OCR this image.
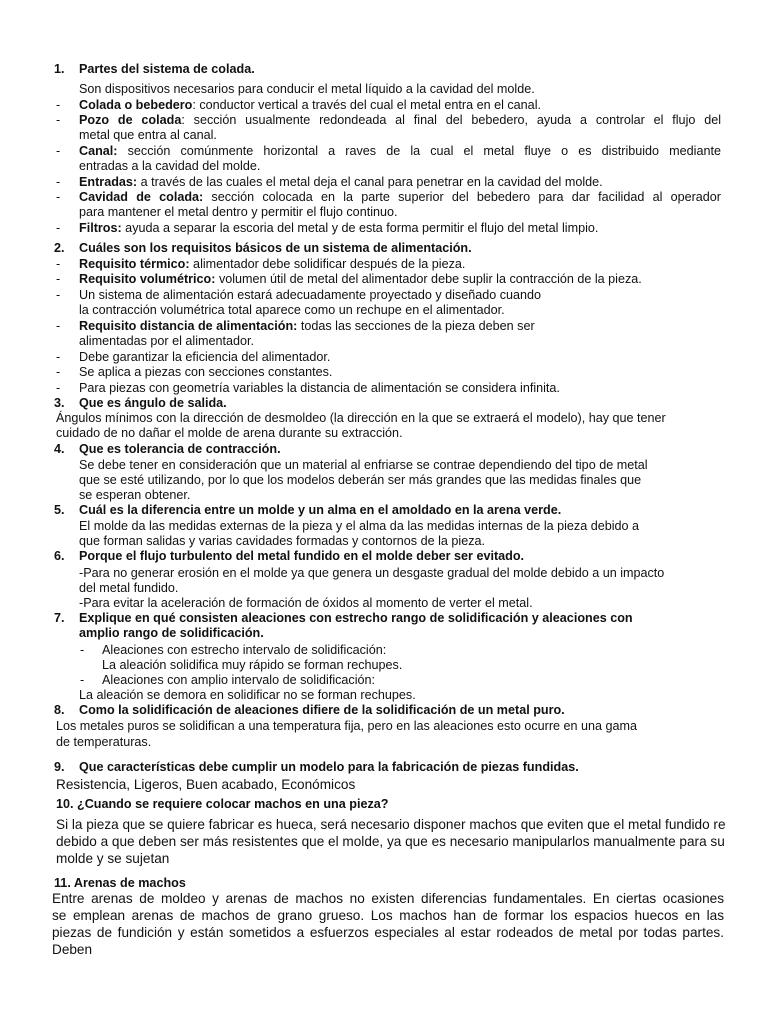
1. Partes del sistema de colada.
Son dispositivos necesarios para conducir el metal líquido a la cavidad del molde.
- Colada o bebedero: conductor vertical a través del cual el metal entra en el canal.
- Pozo de colada: sección usualmente redondeada al final del bebedero, ayuda a controlar el flujo del
metal que entra al canal.
- Canal: sección comúnmente horizontal a raves de la cual el metal fluye o es distribuido mediante
entradas a la cavidad del molde.
- Entradas: a través de las cuales el metal deja el canal para penetrar en la cavidad del molde.
- Cavidad de colada: sección colocada en la parte superior del bebedero para dar facilidad al operador
para mantener el metal dentro y permitir el flujo continuo.
- Filtros: ayuda a separar la escoria del metal y de esta forma permitir el flujo del metal limpio.
2. Cuáles son los requisitos básicos de un sistema de alimentación.
- Requisito térmico: alimentador debe solidificar después de la pieza.
- Requisito volumétrico: volumen útil de metal del alimentador debe suplir la contracción de la pieza.
- Un sistema de alimentación estará adecuadamente proyectado y diseñado cuando
la contracción volumétrica total aparece como un rechupe en el alimentador.
- Requisito distancia de alimentación: todas las secciones de la pieza deben ser
alimentadas por el alimentador.
- Debe garantizar la eficiencia del alimentador.
- Se aplica a piezas con secciones constantes.
- Para piezas con geometría variables la distancia de alimentación se considera infinita.
3. Que es ángulo de salida.
Ángulos mínimos con la dirección de desmoldeo (la dirección en la que se extraerá el modelo), hay que tener
cuidado de no dañar el molde de arena durante su extracción.
4. Que es tolerancia de contracción.
Se debe tener en consideración que un material al enfriarse se contrae dependiendo del tipo de metal
que se esté utilizando, por lo que los modelos deberán ser más grandes que las medidas finales que
se esperan obtener.
5. Cuál es la diferencia entre un molde y un alma en el amoldado en la arena verde.
El molde da las medidas externas de la pieza y el alma da las medidas internas de la pieza debido a
que forman salidas y varias cavidades formadas y contornos de la pieza.
6. Porque el flujo turbulento del metal fundido en el molde deber ser evitado.
-Para no generar erosión en el molde ya que genera un desgaste gradual del molde debido a un impacto
del metal fundido.
-Para evitar la aceleración de formación de óxidos al momento de verter el metal.
7. Explique en qué consisten aleaciones con estrecho rango de solidificación y aleaciones con
amplio rango de solidificación.
- Aleaciones con estrecho intervalo de solidificación:
La aleación solidifica muy rápido se forman rechupes.
- Aleaciones con amplio intervalo de solidificación:
La aleación se demora en solidificar no se forman rechupes.
8. Como la solidificación de aleaciones difiere de la solidificación de un metal puro.
Los metales puros se solidifican a una temperatura fija, pero en las aleaciones esto ocurre en una gama
de temperaturas.
9. Que características debe cumplir un modelo para la fabricación de piezas fundidas.
Resistencia, Ligeros, Buen acabado, Económicos
10. ¿Cuando se requiere colocar machos en una pieza?
Si la pieza que se quiere fabricar es hueca, será necesario disponer machos que eviten que el metal fundido re
debido a que deben ser más resistentes que el molde, ya que es necesario manipularlos manualmente para su
molde y se sujetan
11. Arenas de machos
Entre arenas de moldeo y arenas de machos no existen diferencias fundamentales. En ciertas ocasiones
se emplean arenas de machos de grano grueso. Los machos han de formar los espacios huecos en las
piezas de fundición y están sometidos a esfuerzos especiales al estar rodeados de metal por todas partes.
Deben
